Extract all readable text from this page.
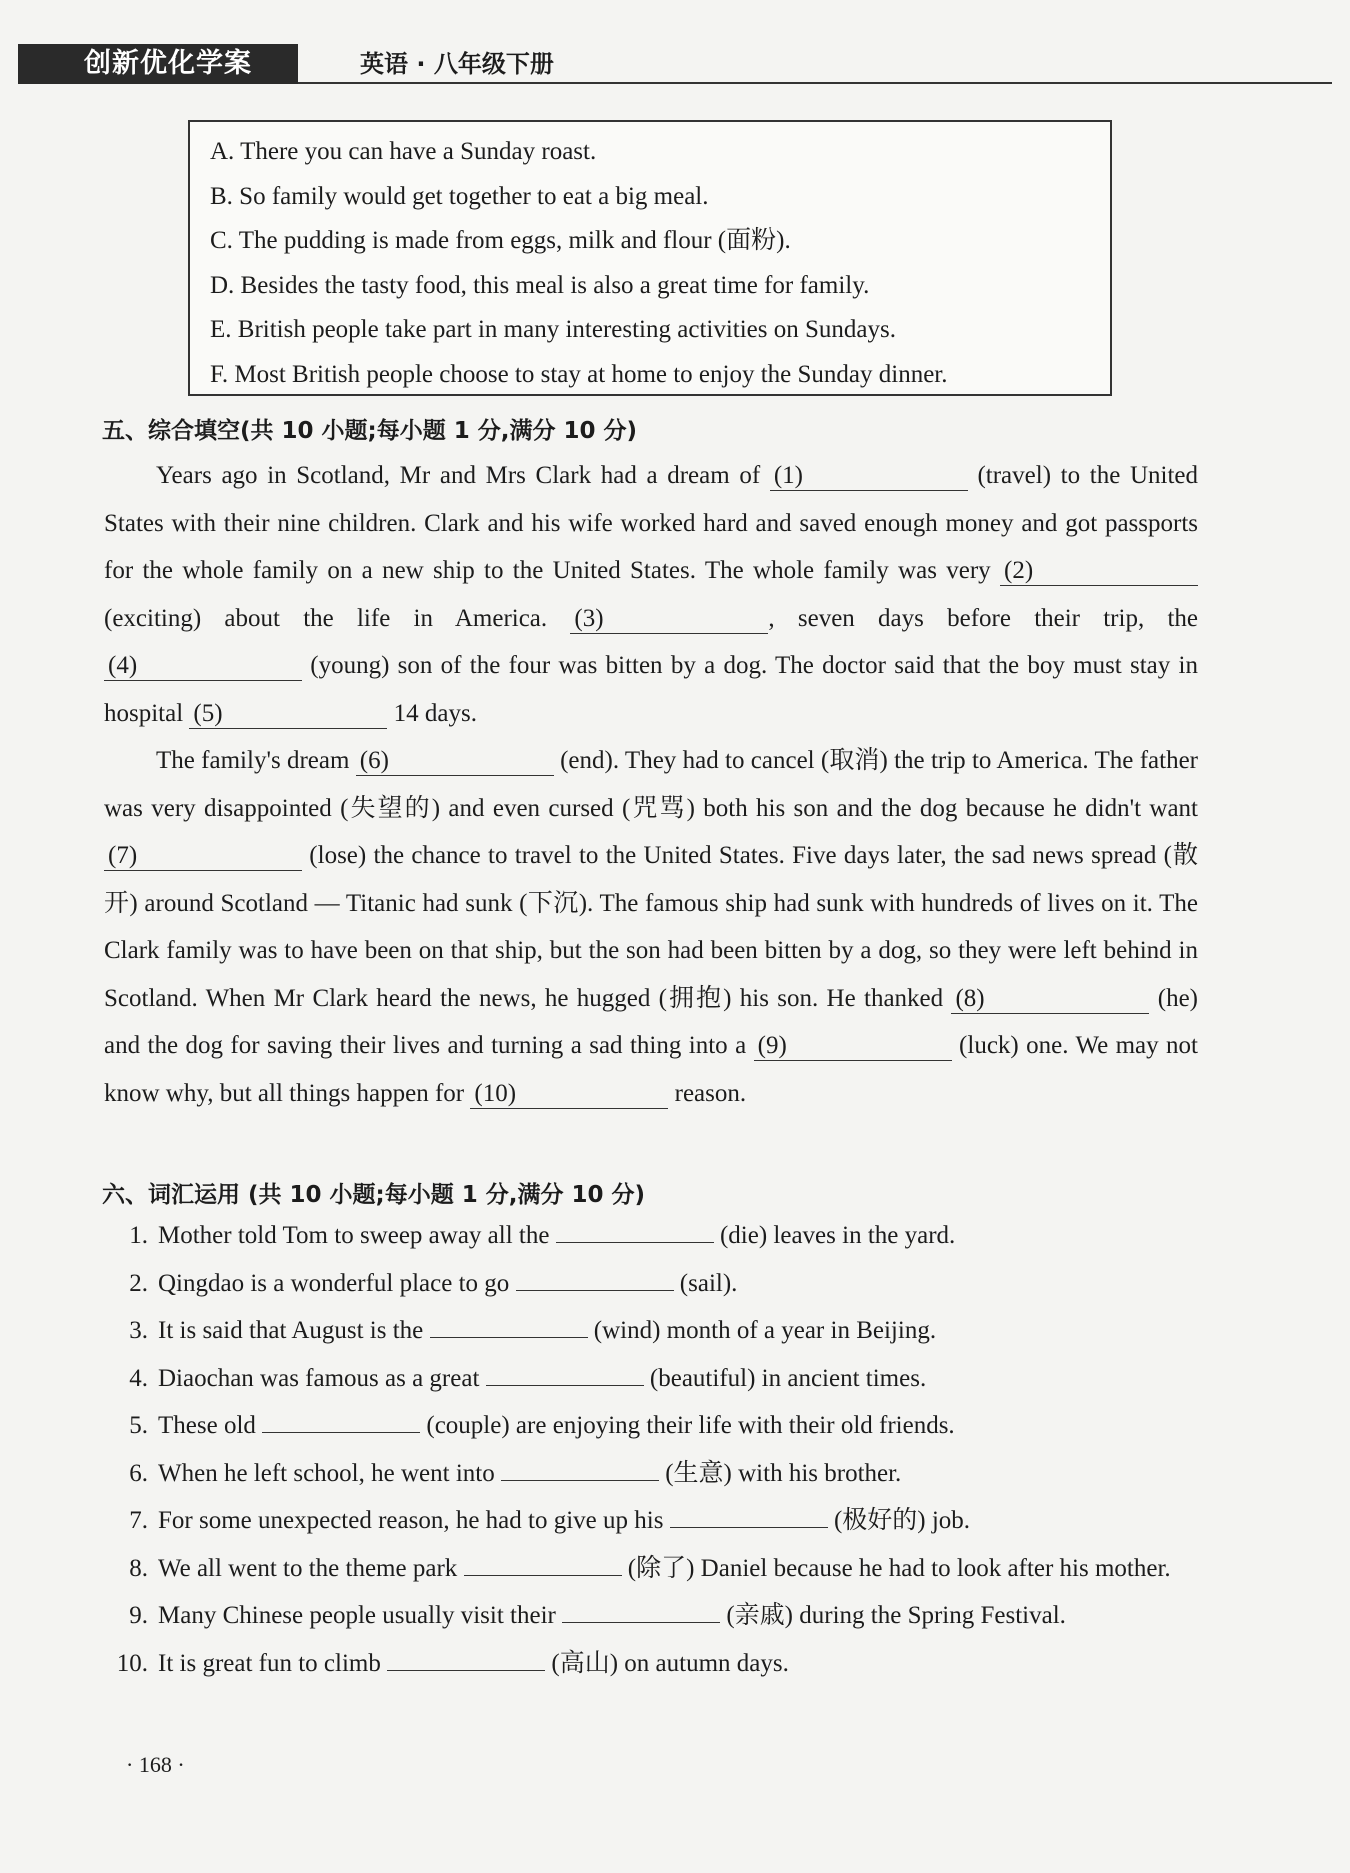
创新优化学案	英语 · 八年级下册
A. There you can have a Sunday roast.
B. So family would get together to eat a big meal.
C. The pudding is made from eggs, milk and flour (面粉).
D. Besides the tasty food, this meal is also a great time for family.
E. British people take part in many interesting activities on Sundays.
F. Most British people choose to stay at home to enjoy the Sunday dinner.
五、综合填空(共 10 小题;每小题 1 分,满分 10 分)

Years ago in Scotland, Mr and Mrs Clark had a dream of (1)	(travel) to the United States with their nine children. Clark and his wife worked hard and saved enough money and got passports for the whole family on a new ship to the United States. The whole family was very (2) (exciting) about the life in America. (3)	, seven days before their trip, the (4)	(young) son of the four was bitten by a dog. The doctor said that the boy must stay in hospital (5)	14 days.

The family's dream (6)	(end). They had to cancel (取消) the trip to America. The father was very disappointed (失望的) and even cursed (咒骂) both his son and the dog because he didn't want (7)	(lose) the chance to travel to the United States. Five days later, the sad news spread (散开) around Scotland — Titanic had sunk (下沉). The famous ship had sunk with hundreds of lives on it. The Clark family was to have been on that ship, but the son had been bitten by a dog, so they were left behind in Scotland. When Mr Clark heard the news, he hugged (拥抱) his son. He thanked (8)	(he) and the dog for saving their lives and turning a sad thing into a (9)	(luck) one. We may not know why, but all things happen for (10)	reason.

六、词汇运用 (共 10 小题;每小题 1 分,满分 10 分)
1. Mother told Tom to sweep away all the	(die) leaves in the yard.
2. Qingdao is a wonderful place to go	(sail).
3. It is said that August is the	(wind) month of a year in Beijing.
4. Diaochan was famous as a great	(beautiful) in ancient times.
5. These old	(couple) are enjoying their life with their old friends.
6. When he left school, he went into	(生意) with his brother.
7. For some unexpected reason, he had to give up his	(极好的) job.
8. We all went to the theme park	(除了) Daniel because he had to look after his mother.
9. Many Chinese people usually visit their	(亲戚) during the Spring Festival.
10. It is great fun to climb	(高山) on autumn days.
· 168 ·
